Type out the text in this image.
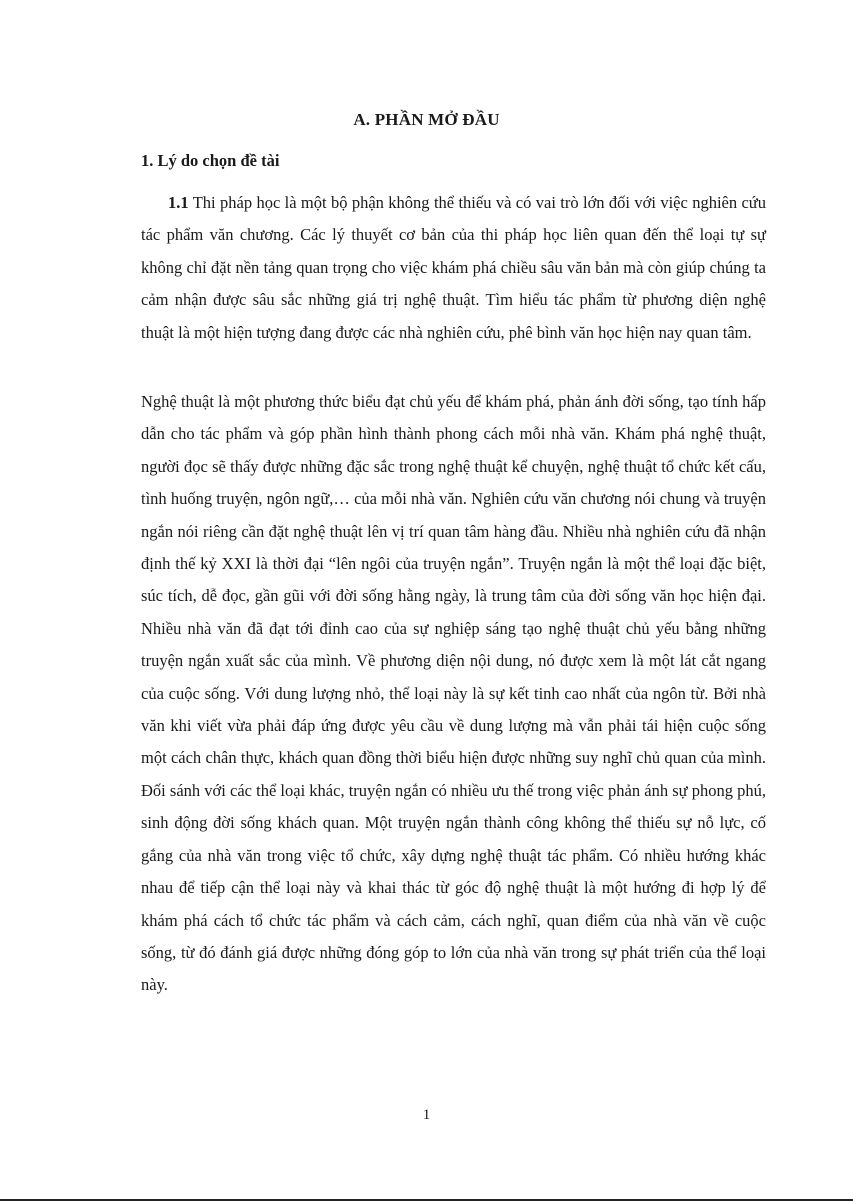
A. PHẦN MỞ ĐẦU
1. Lý do chọn đề tài

1.1 Thi pháp học là một bộ phận không thể thiếu và có vai trò lớn đối với việc nghiên cứu tác phẩm văn chương. Các lý thuyết cơ bản của thi pháp học liên quan đến thể loại tự sự không chỉ đặt nền tảng quan trọng cho việc khám phá chiều sâu văn bản mà còn giúp chúng ta cảm nhận được sâu sắc những giá trị nghệ thuật. Tìm hiểu tác phẩm từ phương diện nghệ thuật là một hiện tượng đang được các nhà nghiên cứu, phê bình văn học hiện nay quan tâm.

Nghệ thuật là một phương thức biểu đạt chủ yếu để khám phá, phản ánh đời sống, tạo tính hấp dẫn cho tác phẩm và góp phần hình thành phong cách mỗi nhà văn. Khám phá nghệ thuật, người đọc sẽ thấy được những đặc sắc trong nghệ thuật kể chuyện, nghệ thuật tổ chức kết cấu, tình huống truyện, ngôn ngữ,… của mỗi nhà văn. Nghiên cứu văn chương nói chung và truyện ngắn nói riêng cần đặt nghệ thuật lên vị trí quan tâm hàng đầu. Nhiều nhà nghiên cứu đã nhận định thế kỷ XXI là thời đại “lên ngôi của truyện ngắn”. Truyện ngắn là một thể loại đặc biệt, súc tích, dễ đọc, gần gũi với đời sống hằng ngày, là trung tâm của đời sống văn học hiện đại. Nhiều nhà văn đã đạt tới đỉnh cao của sự nghiệp sáng tạo nghệ thuật chủ yếu bằng những truyện ngắn xuất sắc của mình. Về phương diện nội dung, nó được xem là một lát cắt ngang của cuộc sống. Với dung lượng nhỏ, thể loại này là sự kết tinh cao nhất của ngôn từ. Bởi nhà văn khi viết vừa phải đáp ứng được yêu cầu về dung lượng mà vẫn phải tái hiện cuộc sống một cách chân thực, khách quan đồng thời biểu hiện được những suy nghĩ chủ quan của mình. Đối sánh với các thể loại khác, truyện ngắn có nhiều ưu thế trong việc phản ánh sự phong phú, sinh động đời sống khách quan. Một truyện ngắn thành công không thể thiếu sự nỗ lực, cố gắng của nhà văn trong việc tổ chức, xây dựng nghệ thuật tác phẩm. Có nhiều hướng khác nhau để tiếp cận thể loại này và khai thác từ góc độ nghệ thuật là một hướng đi hợp lý để khám phá cách tổ chức tác phẩm và cách cảm, cách nghĩ, quan điểm của nhà văn về cuộc sống, từ đó đánh giá được những đóng góp to lớn của nhà văn trong sự phát triển của thể loại này.

1
